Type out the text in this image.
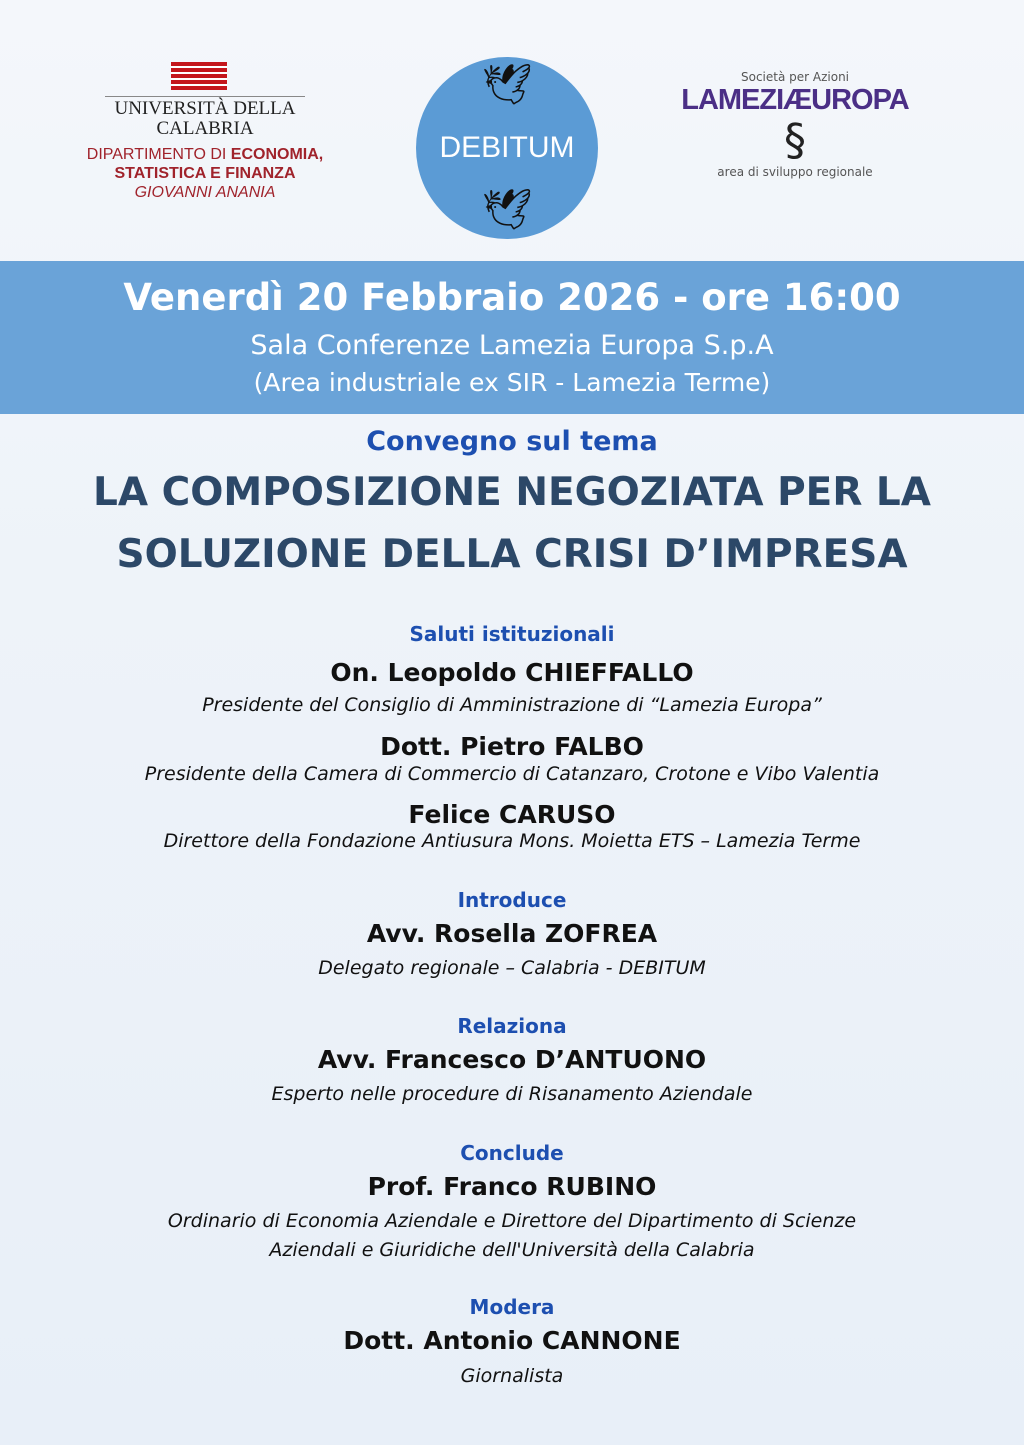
UNIVERSITÀ DELLA
CALABRIA
DIPARTIMENTO DI ECONOMIA,
STATISTICA E FINANZA
GIOVANNI ANANIA
🕊
DEBITUM
🕊
Società per Azioni
LAMEZIÆUROPA
§
area di sviluppo regionale
Venerdì 20 Febbraio 2026 - ore 16:00
Sala Conferenze Lamezia Europa S.p.A
(Area industriale ex SIR - Lamezia Terme)
Convegno sul tema
LA COMPOSIZIONE NEGOZIATA PER LA
SOLUZIONE DELLA CRISI D’IMPRESA
Saluti istituzionali
On. Leopoldo CHIEFFALLO
Presidente del Consiglio di Amministrazione di “Lamezia Europa”
Dott. Pietro FALBO
Presidente della Camera di Commercio di Catanzaro, Crotone e Vibo Valentia
Felice CARUSO
Direttore della Fondazione Antiusura Mons. Moietta ETS – Lamezia Terme
Introduce
Avv. Rosella ZOFREA
Delegato regionale – Calabria - DEBITUM
Relaziona
Avv. Francesco D’ANTUONO
Esperto nelle procedure di Risanamento Aziendale
Conclude
Prof. Franco RUBINO
Ordinario di Economia Aziendale e Direttore del Dipartimento di Scienze
Aziendali e Giuridiche dell'Università della Calabria
Modera
Dott. Antonio CANNONE
Giornalista
